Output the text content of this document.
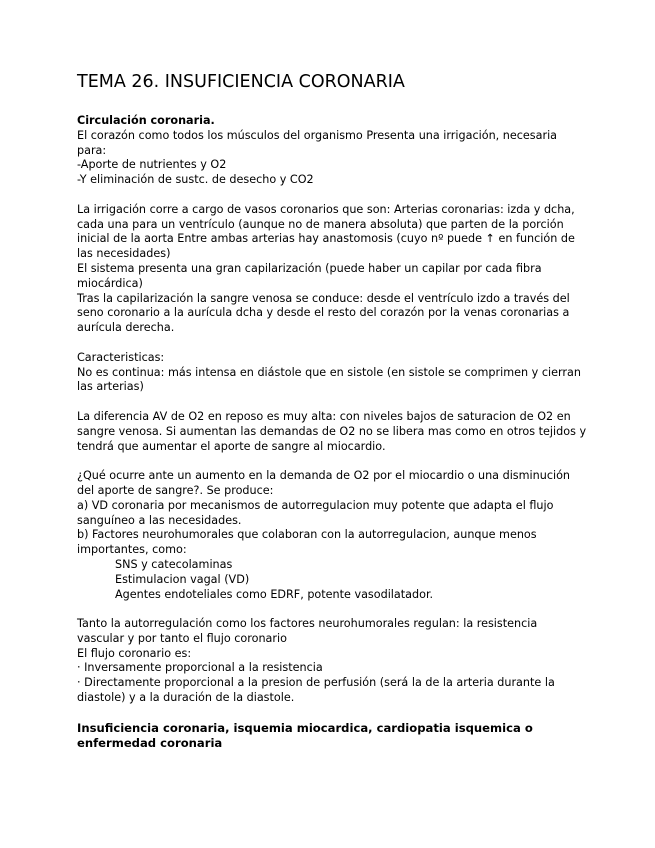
TEMA 26. INSUFICIENCIA CORONARIA

Circulación coronaria.

El corazón como todos los músculos del organismo Presenta una irrigación, necesaria para:

-Aporte de nutrientes y O2

-Y eliminación de sustc. de desecho y CO2

La irrigación corre a cargo de vasos coronarios que son: Arterias coronarias: izda y dcha, cada una para un ventrículo (aunque no de manera absoluta) que parten de la porción inicial de la aorta Entre ambas arterias hay anastomosis (cuyo nº puede ↑ en función de las necesidades)

El sistema presenta una gran capilarización (puede haber un capilar por cada fibra miocárdica)

Tras la capilarización la sangre venosa se conduce: desde el ventrículo izdo a través del seno coronario a la aurícula dcha y desde el resto del corazón por la venas coronarias a aurícula derecha.

Caracteristicas:

No es continua: más intensa en diástole que en sistole (en sistole se comprimen y cierran las arterias)

La diferencia AV de O2 en reposo es muy alta: con niveles bajos de saturacion de O2 en sangre venosa. Si aumentan las demandas de O2 no se libera mas como en otros tejidos y tendrá que aumentar el aporte de sangre al miocardio.

¿Qué ocurre ante un aumento en la demanda de O2 por el miocardio o una disminución del aporte de sangre?. Se produce:

a) VD coronaria por mecanismos de autorregulacion muy potente que adapta el flujo sanguíneo a las necesidades.

b) Factores neurohumorales que colaboran con la autorregulacion, aunque menos importantes, como:

SNS y catecolaminas

Estimulacion vagal (VD)

Agentes endoteliales como EDRF, potente vasodilatador.

Tanto la autorregulación como los factores neurohumorales regulan: la resistencia vascular y por tanto el flujo coronario

El flujo coronario es:

· Inversamente proporcional a la resistencia

· Directamente proporcional a la presion de perfusión (será la de la arteria durante la diastole) y a la duración de la diastole.

Insuficiencia coronaria, isquemia miocardica, cardiopatia isquemica o enfermedad coronaria
